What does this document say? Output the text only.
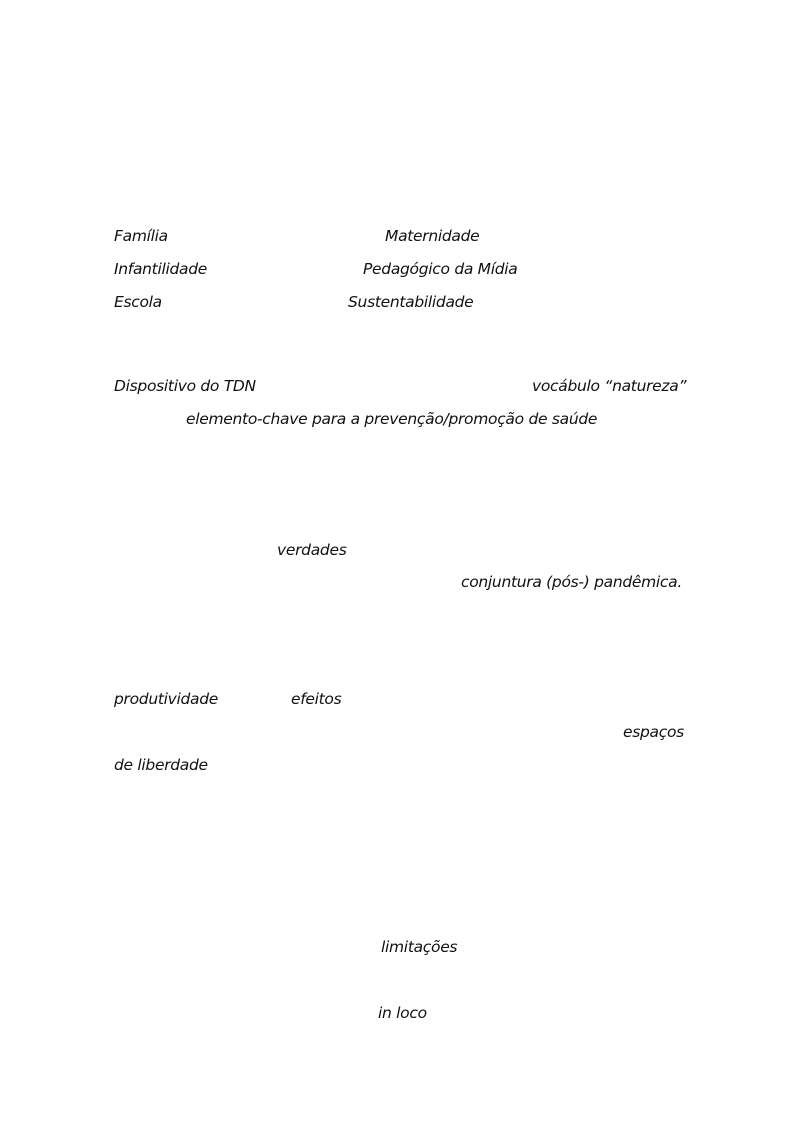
Família	Maternidade
Infantilidade	Pedagógico da Mídia
Escola	Sustentabilidade
Dispositivo do TDN	vocábulo “natureza”
elemento-chave para a prevenção/promoção de saúde
verdades
conjuntura (pós-) pandêmica.
produtividade	efeitos
espaços
de liberdade
limitações
in loco
